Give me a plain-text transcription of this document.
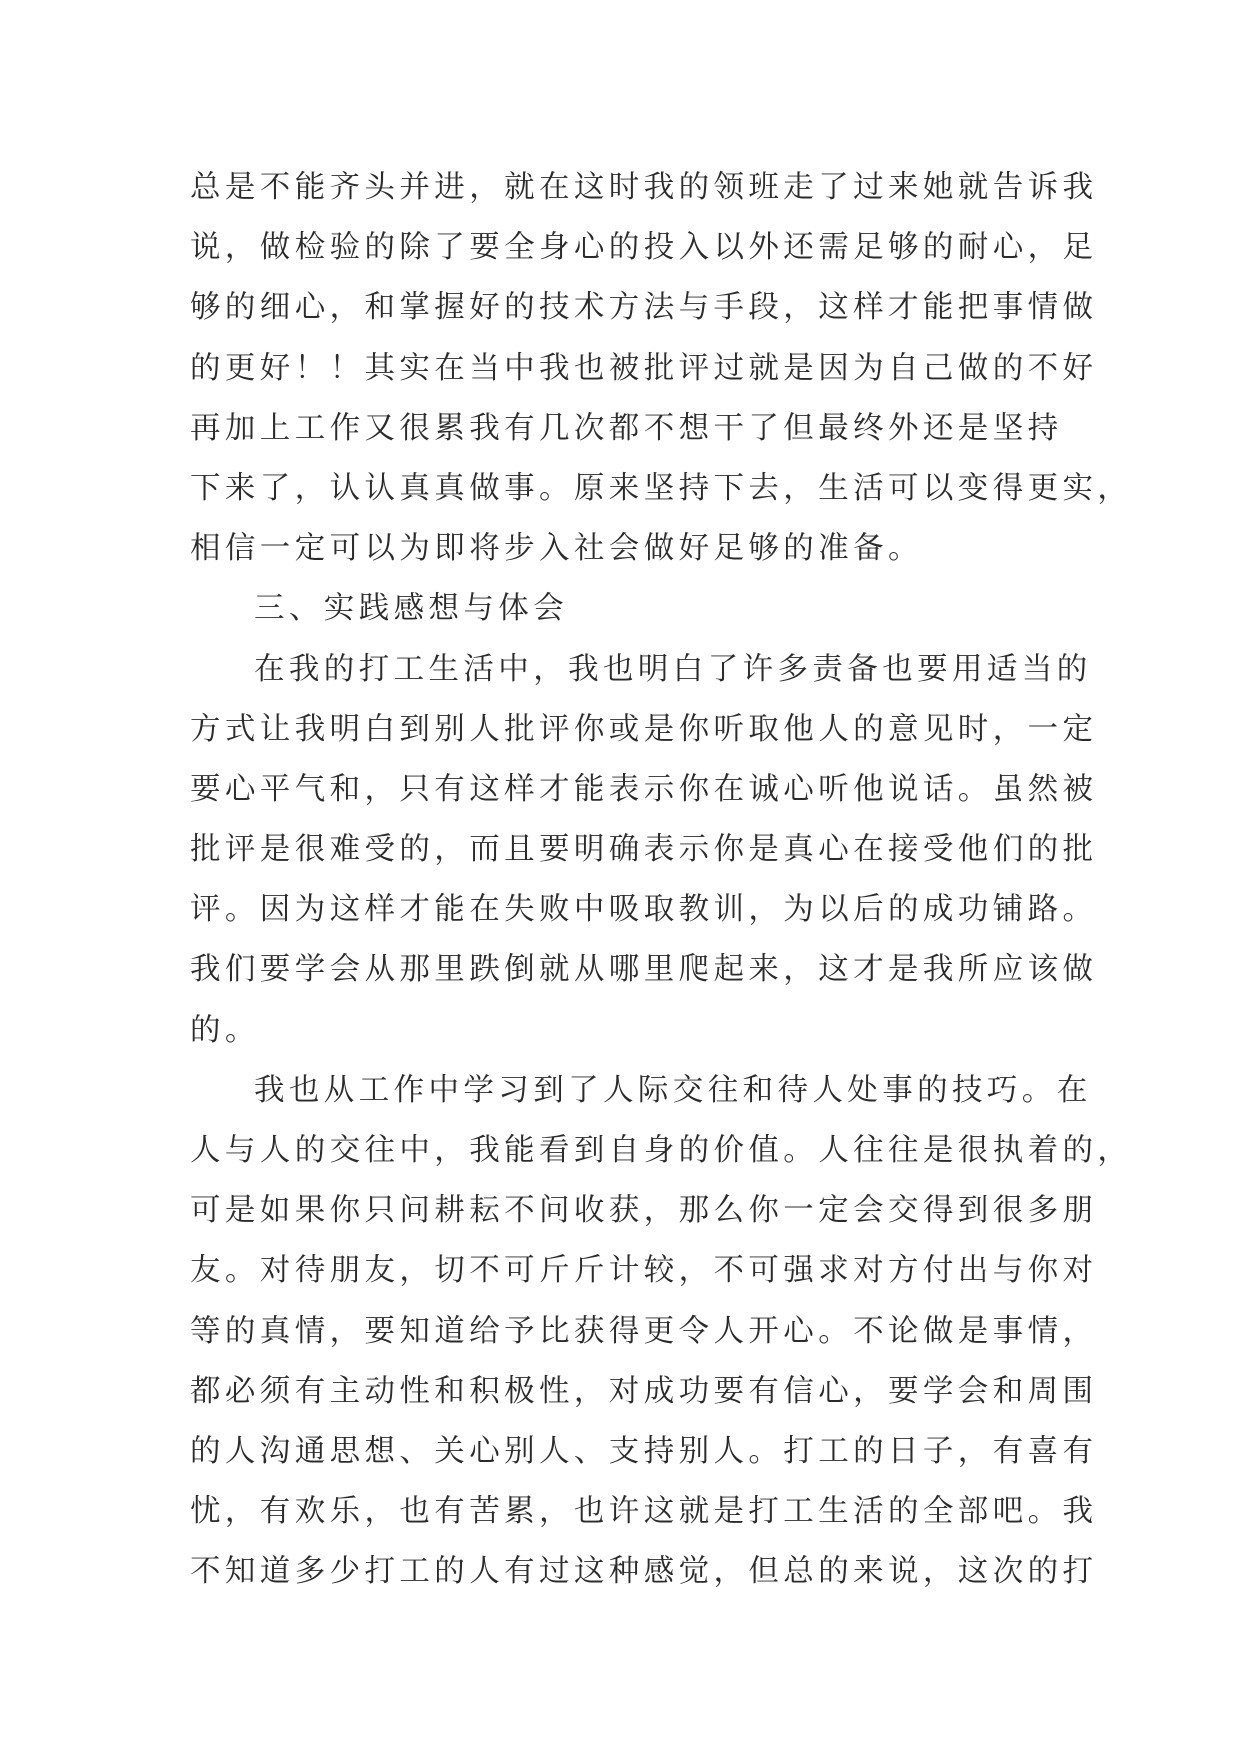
总是不能齐头并进，就在这时我的领班走了过来她就告诉我
说，做检验的除了要全身心的投入以外还需足够的耐心，足
够的细心，和掌握好的技术方法与手段，这样才能把事情做
的更好！！其实在当中我也被批评过就是因为自己做的不好
再加上工作又很累我有几次都不想干了但最终外还是坚持
下来了，认认真真做事。原来坚持下去，生活可以变得更实，
相信一定可以为即将步入社会做好足够的准备。
三、实践感想与体会
在我的打工生活中，我也明白了许多责备也要用适当的
方式让我明白到别人批评你或是你听取他人的意见时，一定
要心平气和，只有这样才能表示你在诚心听他说话。虽然被
批评是很难受的，而且要明确表示你是真心在接受他们的批
评。因为这样才能在失败中吸取教训，为以后的成功铺路。
我们要学会从那里跌倒就从哪里爬起来，这才是我所应该做
的。
我也从工作中学习到了人际交往和待人处事的技巧。在
人与人的交往中，我能看到自身的价值。人往往是很执着的，
可是如果你只问耕耘不问收获，那么你一定会交得到很多朋
友。对待朋友，切不可斤斤计较，不可强求对方付出与你对
等的真情，要知道给予比获得更令人开心。不论做是事情，
都必须有主动性和积极性，对成功要有信心，要学会和周围
的人沟通思想、关心别人、支持别人。打工的日子，有喜有
忧，有欢乐，也有苦累，也许这就是打工生活的全部吧。我
不知道多少打工的人有过这种感觉，但总的来说，这次的打
